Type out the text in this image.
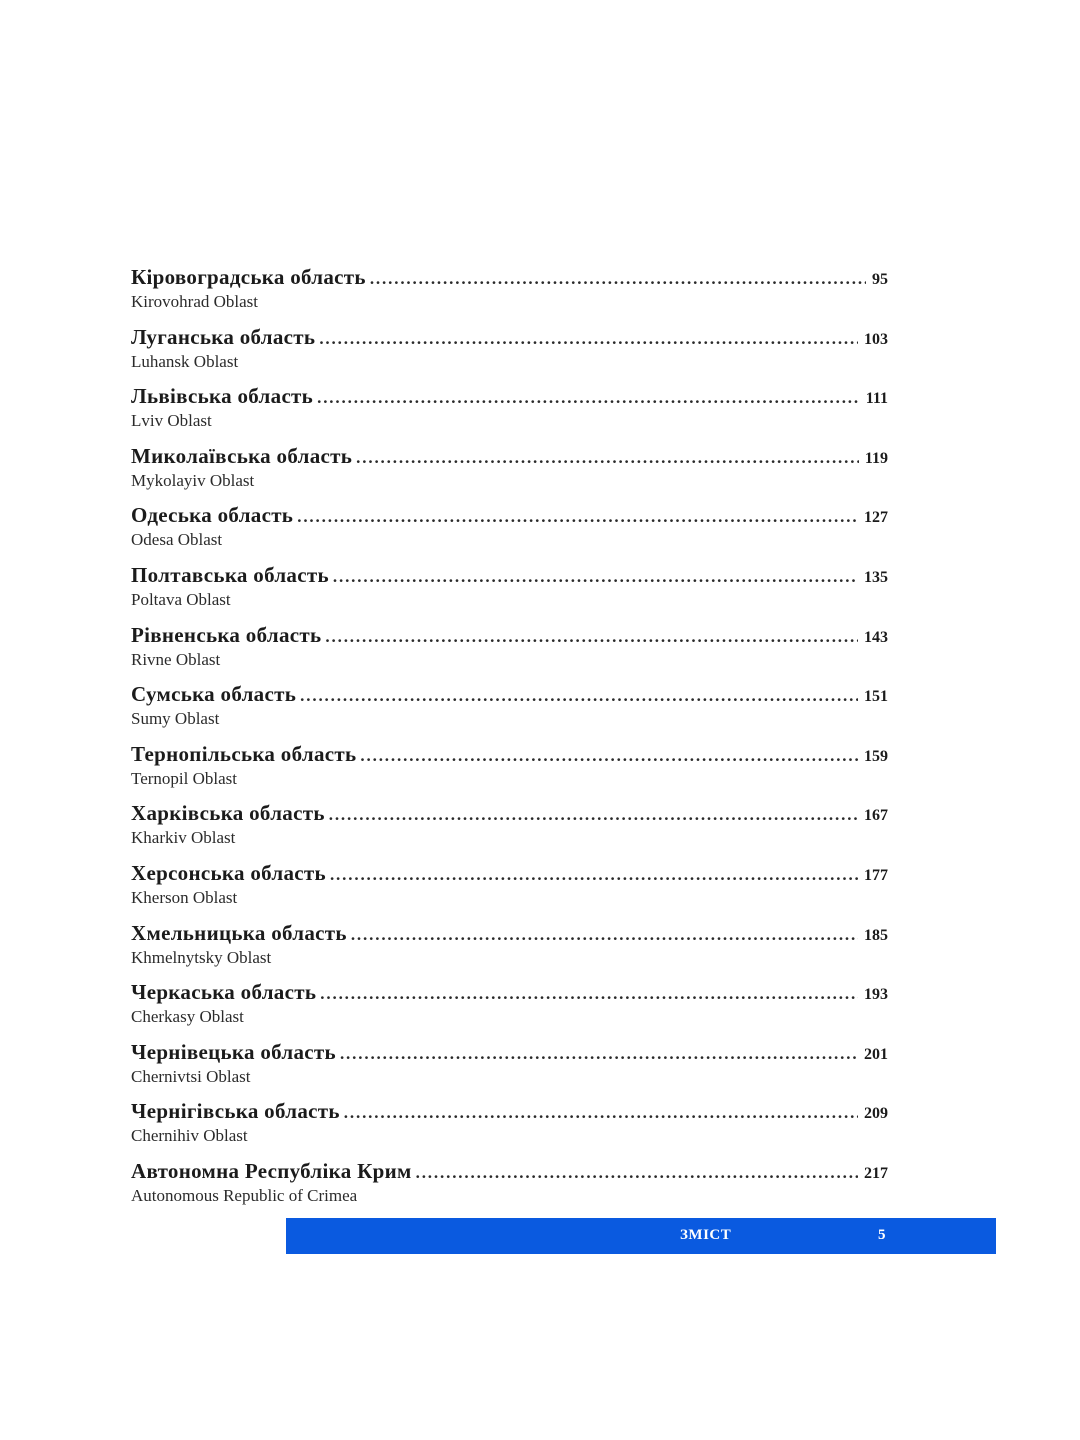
Кіровоградська область . . .	95
Kirovohrad Oblast
Луганська область . . .	103
Luhansk Oblast
Львівська область . . .	111
Lviv Oblast
Миколаївська область . . .	119
Mykolayiv Oblast
Одеська область . . .	127
Odesa Oblast
Полтавська область . . .	135
Poltava Oblast
Рівненська область . . .	143
Rivne Oblast
Сумська область . . .	151
Sumy Oblast
Тернопільська область . . .	159
Ternopil Oblast
Харківська область . . .	167
Kharkiv Oblast
Херсонська область . . .	177
Kherson Oblast
Хмельницька область . . .	185
Khmelnytsky Oblast
Черкаська область . . .	193
Cherkasy Oblast
Чернівецька область . . .	201
Chernivtsi Oblast
Чернігівська область . . .	209
Chernihiv Oblast
Автономна Республіка Крим . . .	217
Autonomous Republic of Crimea
ЗМІСТ	5
